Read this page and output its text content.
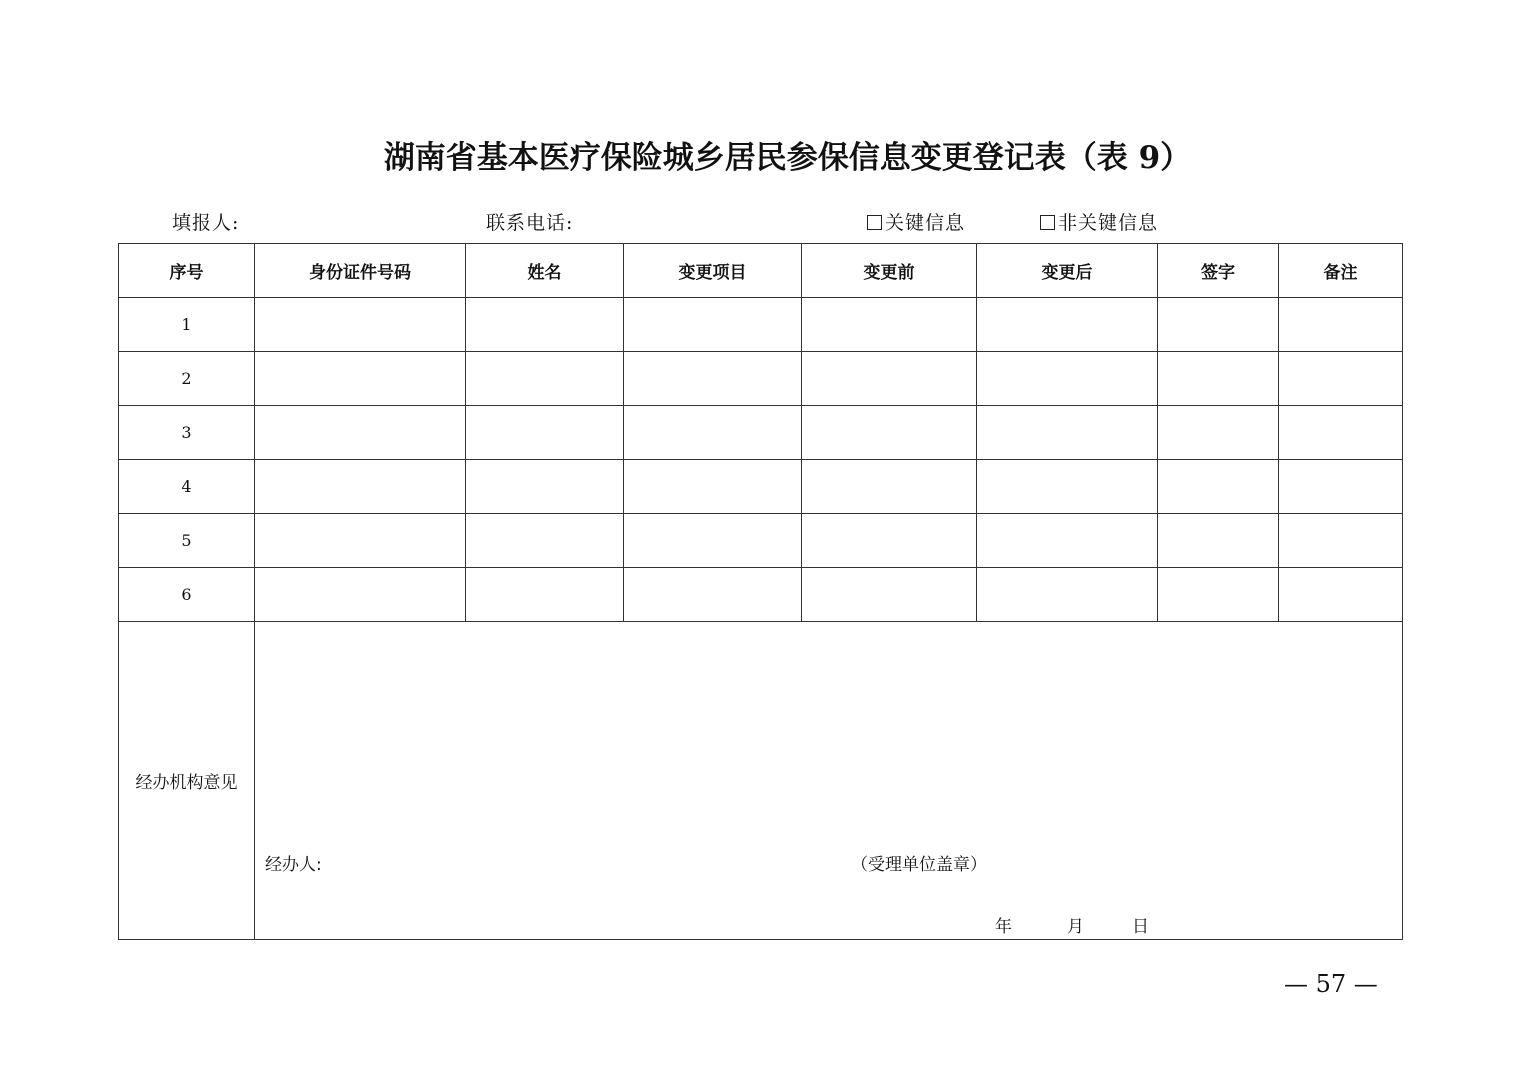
湖南省基本医疗保险城乡居民参保信息变更登记表（表 9）
填报人:	联系电话:	关键信息	非关键信息
序号	身份证件号码	姓名	变更项目	变更前	变更后	签字	备注
1							
2							
3							
4							
5							
6							
经办机构意见	经办人: （受理单位盖章）
年 月 日						
— 57 —
